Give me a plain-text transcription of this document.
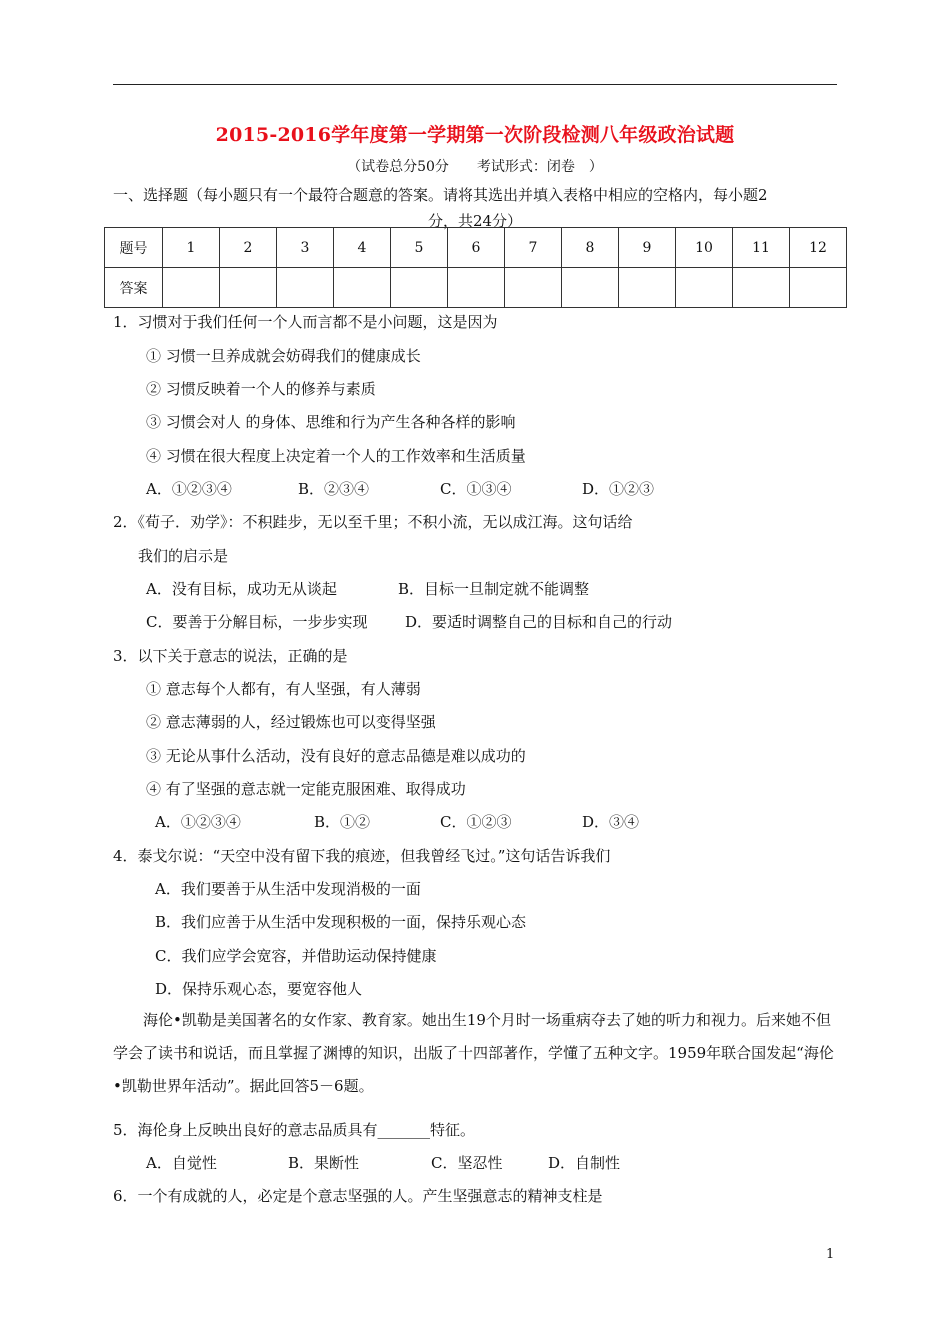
2015-2016学年度第一学期第一次阶段检测八年级政治试题
（试卷总分50分　　考试形式：闭卷　）
一、选择题（每小题只有一个最符合题意的答案。请将其选出并填入表格中相应的空格内，每小题2
分，共24分）
题号	1	2	3	4	5	6	7	8	9	10	11	12
答案												
1．习惯对于我们任何一个人而言都不是小问题，这是因为
① 习惯一旦养成就会妨碍我们的健康成长
② 习惯反映着一个人的修养与素质
③ 习惯会对人 的身体、思维和行为产生各种各样的影响
④ 习惯在很大程度上决定着一个人的工作效率和生活质量
A．①②③④	B．②③④	C．①③④	D．①②③
2．《荀子．劝学》：不积跬步，无以至千里；不积小流，无以成江海。这句话给
我们的启示是
A．没有目标，成功无从谈起	B．目标一旦制定就不能调整
C．要善于分解目标，一步步实现	D．要适时调整自己的目标和自己的行动
3．以下关于意志的说法，正确的是
① 意志每个人都有，有人坚强，有人薄弱
② 意志薄弱的人，经过锻炼也可以变得坚强
③ 无论从事什么活动，没有良好的意志品德是难以成功的
④ 有了坚强的意志就一定能克服困难、取得成功
A．①②③④	B．①②	C．①②③	D．③④
4．泰戈尔说：“天空中没有留下我的痕迹，但我曾经飞过。”这句话告诉我们
A．我们要善于从生活中发现消极的一面
B．我们应善于从生活中发现积极的一面，保持乐观心态
C．我们应学会宽容，并借助运动保持健康
D．保持乐观心态，要宽容他人
海伦•凯勒是美国著名的女作家、教育家。她出生19个月时一场重病夺去了她的听力和视力。后来她不但学会了读书和说话，而且掌握了渊博的知识，出版了十四部著作，学懂了五种文字。1959年联合国发起“海伦•凯勒世界年活动”。据此回答5－6题。
5．海伦身上反映出良好的意志品质具有_______特征。
A．自觉性	B．果断性	C．坚忍性	D．自制性
6．一个有成就的人，必定是个意志坚强的人。产生坚强意志的精神支柱是
1
